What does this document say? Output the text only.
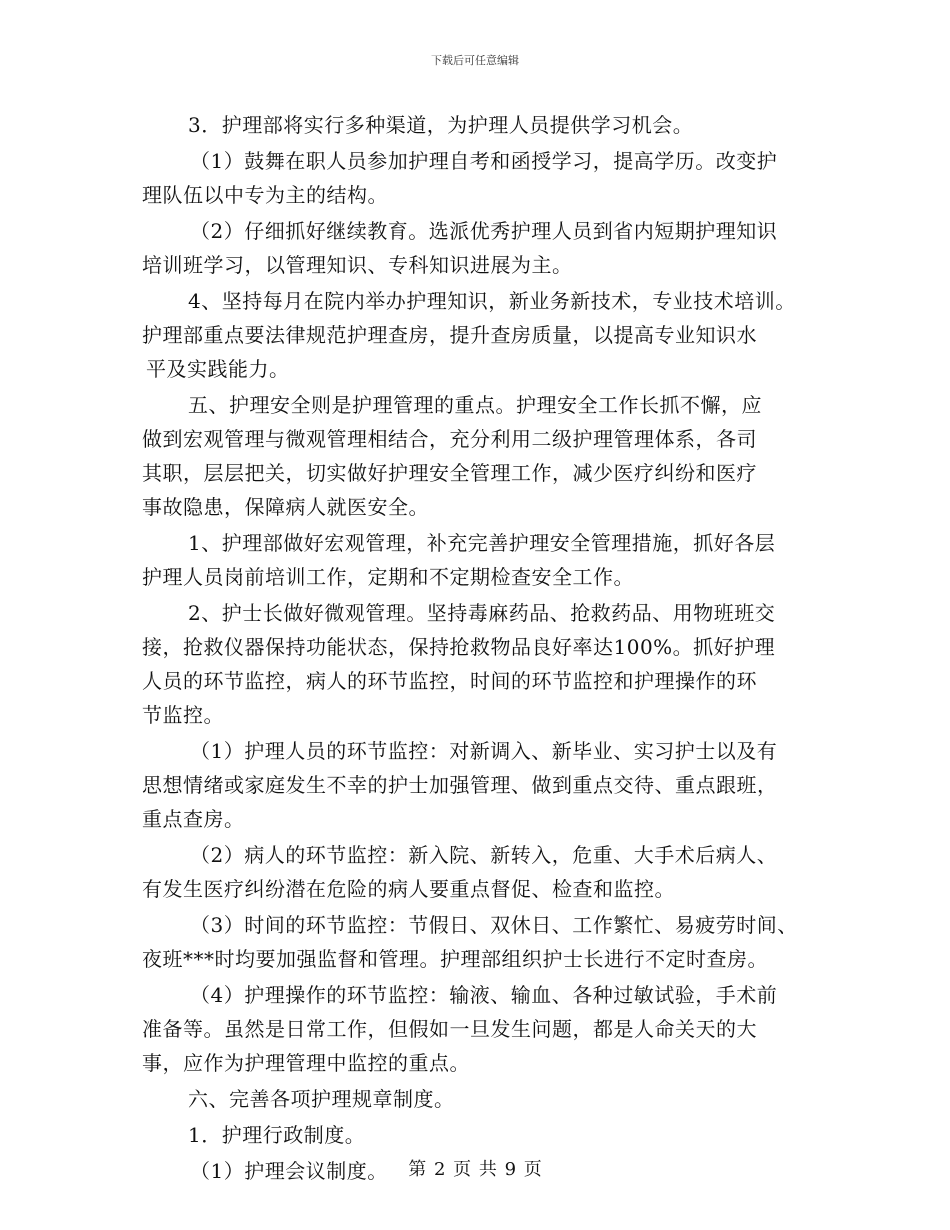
下载后可任意编辑
3．护理部将实行多种渠道，为护理人员提供学习机会。
（1）鼓舞在职人员参加护理自考和函授学习，提高学历。改变护
理队伍以中专为主的结构。
（2）仔细抓好继续教育。选派优秀护理人员到省内短期护理知识
培训班学习，以管理知识、专科知识进展为主。
4、坚持每月在院内举办护理知识，新业务新技术，专业技术培训。
护理部重点要法律规范护理查房，提升查房质量，以提高专业知识水
平及实践能力。
五、护理安全则是护理管理的重点。护理安全工作长抓不懈，应
做到宏观管理与微观管理相结合，充分利用二级护理管理体系，各司
其职，层层把关，切实做好护理安全管理工作，减少医疗纠纷和医疗
事故隐患，保障病人就医安全。
1、护理部做好宏观管理，补充完善护理安全管理措施，抓好各层
护理人员岗前培训工作，定期和不定期检查安全工作。
2、护士长做好微观管理。坚持毒麻药品、抢救药品、用物班班交
接，抢救仪器保持功能状态，保持抢救物品良好率达100%。抓好护理
人员的环节监控，病人的环节监控，时间的环节监控和护理操作的环
节监控。
（1）护理人员的环节监控：对新调入、新毕业、实习护士以及有
思想情绪或家庭发生不幸的护士加强管理、做到重点交待、重点跟班，
重点查房。
（2）病人的环节监控：新入院、新转入，危重、大手术后病人、
有发生医疗纠纷潜在危险的病人要重点督促、检查和监控。
（3）时间的环节监控：节假日、双休日、工作繁忙、易疲劳时间、
夜班***时均要加强监督和管理。护理部组织护士长进行不定时查房。
（4）护理操作的环节监控：输液、输血、各种过敏试验，手术前
准备等。虽然是日常工作，但假如一旦发生问题，都是人命关天的大
事，应作为护理管理中监控的重点。
六、完善各项护理规章制度。
1．护理行政制度。
（1）护理会议制度。	第 2 页 共 9 页
